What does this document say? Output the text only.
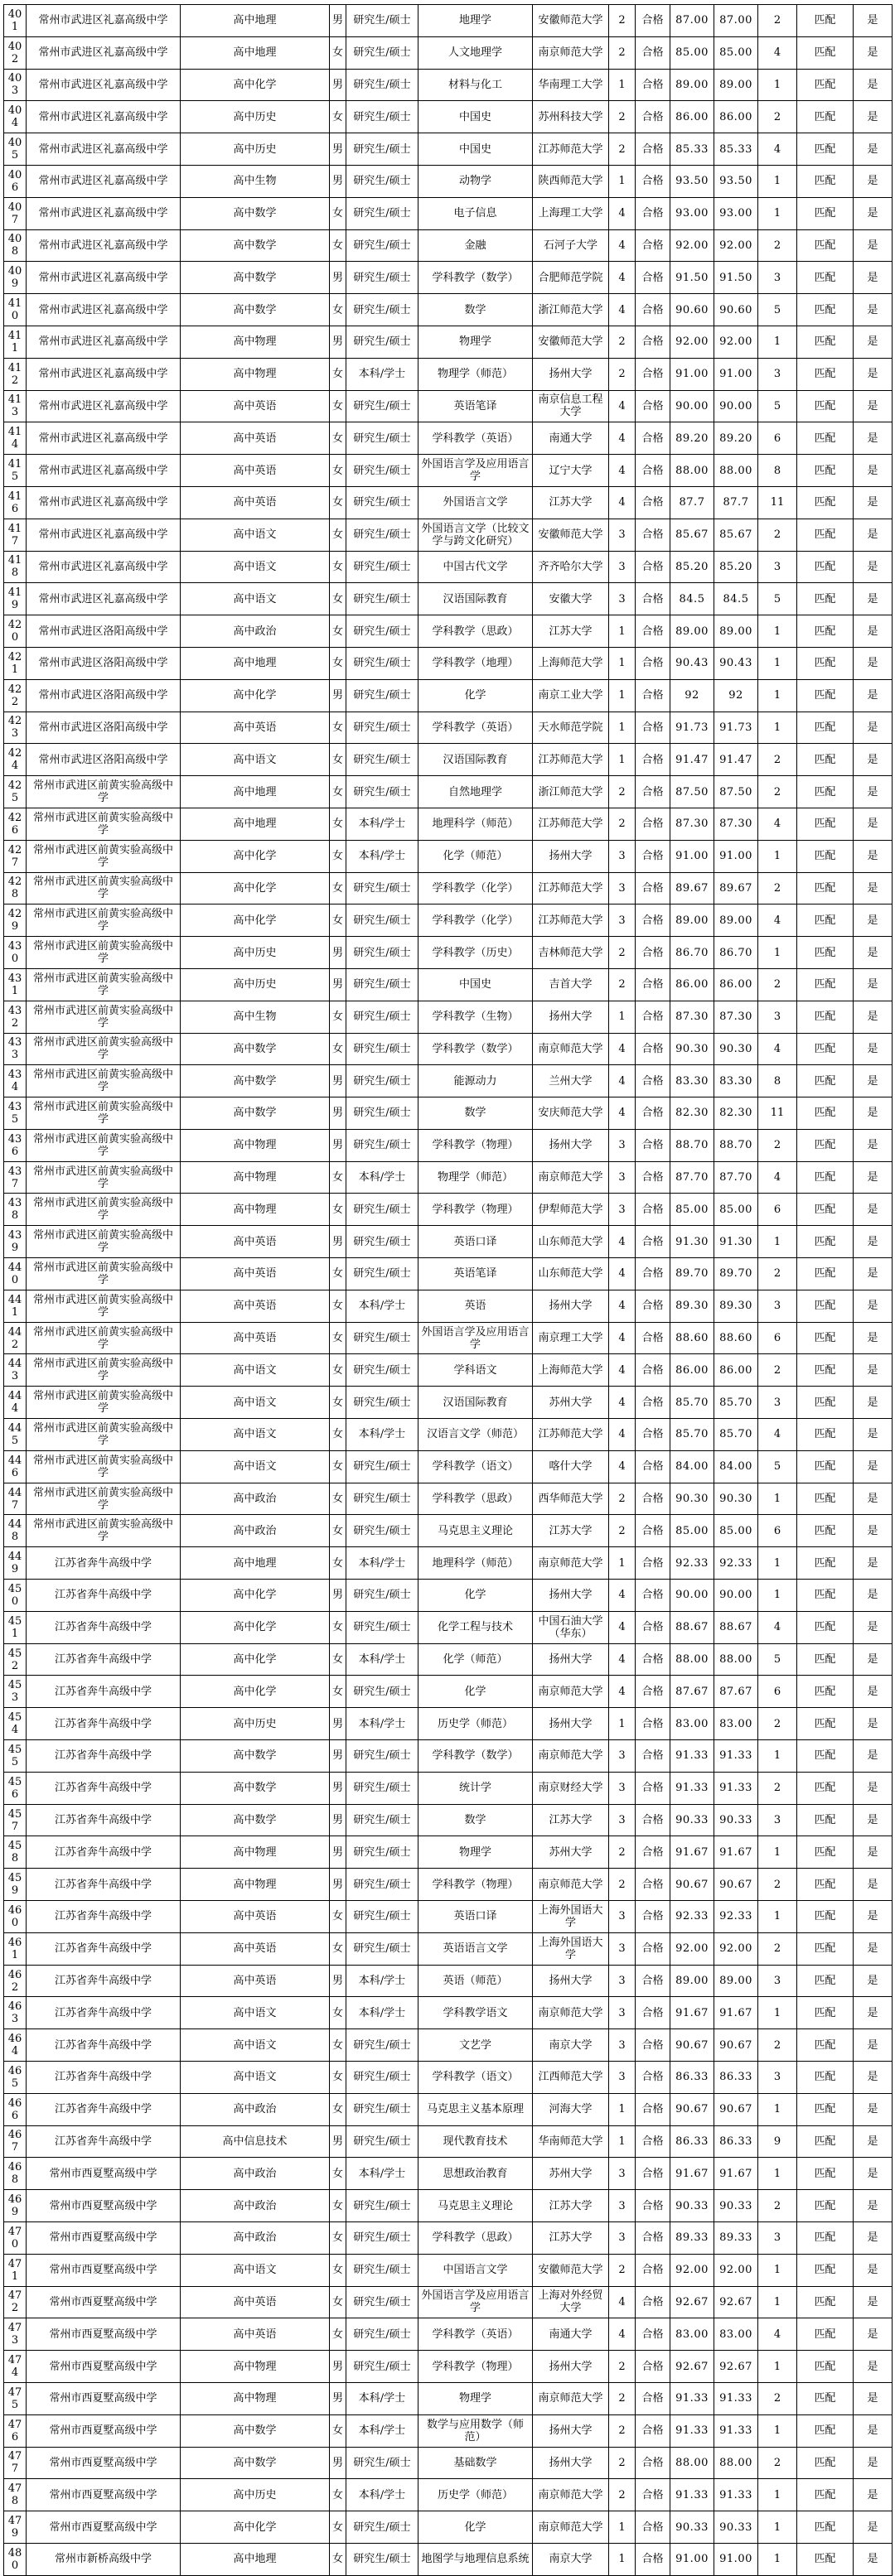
401	常州市武进区礼嘉高级中学	高中地理	男	研究生/硕士	地理学	安徽师范大学	2	合格	87.00	87.00	2	匹配	是
402	常州市武进区礼嘉高级中学	高中地理	女	研究生/硕士	人文地理学	南京师范大学	2	合格	85.00	85.00	4	匹配	是
403	常州市武进区礼嘉高级中学	高中化学	男	研究生/硕士	材料与化工	华南理工大学	1	合格	89.00	89.00	1	匹配	是
404	常州市武进区礼嘉高级中学	高中历史	女	研究生/硕士	中国史	苏州科技大学	2	合格	86.00	86.00	2	匹配	是
405	常州市武进区礼嘉高级中学	高中历史	男	研究生/硕士	中国史	江苏师范大学	2	合格	85.33	85.33	4	匹配	是
406	常州市武进区礼嘉高级中学	高中生物	男	研究生/硕士	动物学	陕西师范大学	1	合格	93.50	93.50	1	匹配	是
407	常州市武进区礼嘉高级中学	高中数学	女	研究生/硕士	电子信息	上海理工大学	4	合格	93.00	93.00	1	匹配	是
408	常州市武进区礼嘉高级中学	高中数学	女	研究生/硕士	金融	石河子大学	4	合格	92.00	92.00	2	匹配	是
409	常州市武进区礼嘉高级中学	高中数学	男	研究生/硕士	学科教学（数学）	合肥师范学院	4	合格	91.50	91.50	3	匹配	是
410	常州市武进区礼嘉高级中学	高中数学	女	研究生/硕士	数学	浙江师范大学	4	合格	90.60	90.60	5	匹配	是
411	常州市武进区礼嘉高级中学	高中物理	男	研究生/硕士	物理学	安徽师范大学	2	合格	92.00	92.00	1	匹配	是
412	常州市武进区礼嘉高级中学	高中物理	女	本科/学士	物理学（师范）	扬州大学	2	合格	91.00	91.00	3	匹配	是
413	常州市武进区礼嘉高级中学	高中英语	女	研究生/硕士	英语笔译	南京信息工程大学	4	合格	90.00	90.00	5	匹配	是
414	常州市武进区礼嘉高级中学	高中英语	女	研究生/硕士	学科教学（英语）	南通大学	4	合格	89.20	89.20	6	匹配	是
415	常州市武进区礼嘉高级中学	高中英语	女	研究生/硕士	外国语言学及应用语言学	辽宁大学	4	合格	88.00	88.00	8	匹配	是
416	常州市武进区礼嘉高级中学	高中英语	女	研究生/硕士	外国语言文学	江苏大学	4	合格	87.7	87.7	11	匹配	是
417	常州市武进区礼嘉高级中学	高中语文	女	研究生/硕士	外国语言文学（比较文学与跨文化研究）	安徽师范大学	3	合格	85.67	85.67	2	匹配	是
418	常州市武进区礼嘉高级中学	高中语文	女	研究生/硕士	中国古代文学	齐齐哈尔大学	3	合格	85.20	85.20	3	匹配	是
419	常州市武进区礼嘉高级中学	高中语文	女	研究生/硕士	汉语国际教育	安徽大学	3	合格	84.5	84.5	5	匹配	是
420	常州市武进区洛阳高级中学	高中政治	女	研究生/硕士	学科教学（思政）	江苏大学	1	合格	89.00	89.00	1	匹配	是
421	常州市武进区洛阳高级中学	高中地理	女	研究生/硕士	学科教学（地理）	上海师范大学	1	合格	90.43	90.43	1	匹配	是
422	常州市武进区洛阳高级中学	高中化学	男	研究生/硕士	化学	南京工业大学	1	合格	92	92	1	匹配	是
423	常州市武进区洛阳高级中学	高中英语	女	研究生/硕士	学科教学（英语）	天水师范学院	1	合格	91.73	91.73	1	匹配	是
424	常州市武进区洛阳高级中学	高中语文	女	研究生/硕士	汉语国际教育	江苏师范大学	1	合格	91.47	91.47	2	匹配	是
425	常州市武进区前黄实验高级中学	高中地理	女	研究生/硕士	自然地理学	浙江师范大学	2	合格	87.50	87.50	2	匹配	是
426	常州市武进区前黄实验高级中学	高中地理	女	本科/学士	地理科学（师范）	江苏师范大学	2	合格	87.30	87.30	4	匹配	是
427	常州市武进区前黄实验高级中学	高中化学	女	本科/学士	化学（师范）	扬州大学	3	合格	91.00	91.00	1	匹配	是
428	常州市武进区前黄实验高级中学	高中化学	女	研究生/硕士	学科教学（化学）	江苏师范大学	3	合格	89.67	89.67	2	匹配	是
429	常州市武进区前黄实验高级中学	高中化学	女	研究生/硕士	学科教学（化学）	江苏师范大学	3	合格	89.00	89.00	4	匹配	是
430	常州市武进区前黄实验高级中学	高中历史	男	研究生/硕士	学科教学（历史）	吉林师范大学	2	合格	86.70	86.70	1	匹配	是
431	常州市武进区前黄实验高级中学	高中历史	男	研究生/硕士	中国史	吉首大学	2	合格	86.00	86.00	2	匹配	是
432	常州市武进区前黄实验高级中学	高中生物	女	研究生/硕士	学科教学（生物）	扬州大学	1	合格	87.30	87.30	3	匹配	是
433	常州市武进区前黄实验高级中学	高中数学	女	研究生/硕士	学科教学（数学）	南京师范大学	4	合格	90.30	90.30	4	匹配	是
434	常州市武进区前黄实验高级中学	高中数学	男	研究生/硕士	能源动力	兰州大学	4	合格	83.30	83.30	8	匹配	是
435	常州市武进区前黄实验高级中学	高中数学	男	研究生/硕士	数学	安庆师范大学	4	合格	82.30	82.30	11	匹配	是
436	常州市武进区前黄实验高级中学	高中物理	男	研究生/硕士	学科教学（物理）	扬州大学	3	合格	88.70	88.70	2	匹配	是
437	常州市武进区前黄实验高级中学	高中物理	女	本科/学士	物理学（师范）	南京师范大学	3	合格	87.70	87.70	4	匹配	是
438	常州市武进区前黄实验高级中学	高中物理	女	研究生/硕士	学科教学（物理）	伊犁师范大学	3	合格	85.00	85.00	6	匹配	是
439	常州市武进区前黄实验高级中学	高中英语	男	研究生/硕士	英语口译	山东师范大学	4	合格	91.30	91.30	1	匹配	是
440	常州市武进区前黄实验高级中学	高中英语	女	研究生/硕士	英语笔译	山东师范大学	4	合格	89.70	89.70	2	匹配	是
441	常州市武进区前黄实验高级中学	高中英语	女	本科/学士	英语	扬州大学	4	合格	89.30	89.30	3	匹配	是
442	常州市武进区前黄实验高级中学	高中英语	女	研究生/硕士	外国语言学及应用语言学	南京理工大学	4	合格	88.60	88.60	6	匹配	是
443	常州市武进区前黄实验高级中学	高中语文	女	研究生/硕士	学科语文	上海师范大学	4	合格	86.00	86.00	2	匹配	是
444	常州市武进区前黄实验高级中学	高中语文	女	研究生/硕士	汉语国际教育	苏州大学	4	合格	85.70	85.70	3	匹配	是
445	常州市武进区前黄实验高级中学	高中语文	女	本科/学士	汉语言文学（师范）	江苏师范大学	4	合格	85.70	85.70	4	匹配	是
446	常州市武进区前黄实验高级中学	高中语文	女	研究生/硕士	学科教学（语文）	喀什大学	4	合格	84.00	84.00	5	匹配	是
447	常州市武进区前黄实验高级中学	高中政治	女	研究生/硕士	学科教学（思政）	西华师范大学	2	合格	90.30	90.30	1	匹配	是
448	常州市武进区前黄实验高级中学	高中政治	女	研究生/硕士	马克思主义理论	江苏大学	2	合格	85.00	85.00	6	匹配	是
449	江苏省奔牛高级中学	高中地理	女	本科/学士	地理科学（师范）	南京师范大学	1	合格	92.33	92.33	1	匹配	是
450	江苏省奔牛高级中学	高中化学	男	研究生/硕士	化学	扬州大学	4	合格	90.00	90.00	1	匹配	是
451	江苏省奔牛高级中学	高中化学	女	研究生/硕士	化学工程与技术	中国石油大学（华东）	4	合格	88.67	88.67	4	匹配	是
452	江苏省奔牛高级中学	高中化学	女	本科/学士	化学（师范）	扬州大学	4	合格	88.00	88.00	5	匹配	是
453	江苏省奔牛高级中学	高中化学	女	研究生/硕士	化学	南京师范大学	4	合格	87.67	87.67	6	匹配	是
454	江苏省奔牛高级中学	高中历史	男	本科/学士	历史学（师范）	扬州大学	1	合格	83.00	83.00	2	匹配	是
455	江苏省奔牛高级中学	高中数学	男	研究生/硕士	学科教学（数学）	南京师范大学	3	合格	91.33	91.33	1	匹配	是
456	江苏省奔牛高级中学	高中数学	男	研究生/硕士	统计学	南京财经大学	3	合格	91.33	91.33	2	匹配	是
457	江苏省奔牛高级中学	高中数学	男	研究生/硕士	数学	江苏大学	3	合格	90.33	90.33	3	匹配	是
458	江苏省奔牛高级中学	高中物理	男	研究生/硕士	物理学	苏州大学	2	合格	91.67	91.67	1	匹配	是
459	江苏省奔牛高级中学	高中物理	男	研究生/硕士	学科教学（物理）	南京师范大学	2	合格	90.67	90.67	2	匹配	是
460	江苏省奔牛高级中学	高中英语	女	研究生/硕士	英语口译	上海外国语大学	3	合格	92.33	92.33	1	匹配	是
461	江苏省奔牛高级中学	高中英语	女	研究生/硕士	英语语言文学	上海外国语大学	3	合格	92.00	92.00	2	匹配	是
462	江苏省奔牛高级中学	高中英语	男	本科/学士	英语（师范）	扬州大学	3	合格	89.00	89.00	3	匹配	是
463	江苏省奔牛高级中学	高中语文	女	本科/学士	学科教学语文	南京师范大学	3	合格	91.67	91.67	1	匹配	是
464	江苏省奔牛高级中学	高中语文	女	研究生/硕士	文艺学	南京大学	3	合格	90.67	90.67	2	匹配	是
465	江苏省奔牛高级中学	高中语文	女	研究生/硕士	学科教学（语文）	江西师范大学	3	合格	86.33	86.33	3	匹配	是
466	江苏省奔牛高级中学	高中政治	女	研究生/硕士	马克思主义基本原理	河海大学	1	合格	90.67	90.67	1	匹配	是
467	江苏省奔牛高级中学	高中信息技术	男	研究生/硕士	现代教育技术	华南师范大学	1	合格	86.33	86.33	9	匹配	是
468	常州市西夏墅高级中学	高中政治	女	本科/学士	思想政治教育	苏州大学	3	合格	91.67	91.67	1	匹配	是
469	常州市西夏墅高级中学	高中政治	女	研究生/硕士	马克思主义理论	江苏大学	3	合格	90.33	90.33	2	匹配	是
470	常州市西夏墅高级中学	高中政治	女	研究生/硕士	学科教学（思政）	江苏大学	3	合格	89.33	89.33	3	匹配	是
471	常州市西夏墅高级中学	高中语文	女	研究生/硕士	中国语言文学	安徽师范大学	2	合格	92.00	92.00	1	匹配	是
472	常州市西夏墅高级中学	高中英语	女	研究生/硕士	外国语言学及应用语言学	上海对外经贸大学	4	合格	92.67	92.67	1	匹配	是
473	常州市西夏墅高级中学	高中英语	女	研究生/硕士	学科教学（英语）	南通大学	4	合格	83.00	83.00	4	匹配	是
474	常州市西夏墅高级中学	高中物理	男	研究生/硕士	学科教学（物理）	扬州大学	2	合格	92.67	92.67	1	匹配	是
475	常州市西夏墅高级中学	高中物理	男	本科/学士	物理学	南京师范大学	2	合格	91.33	91.33	2	匹配	是
476	常州市西夏墅高级中学	高中数学	女	本科/学士	数学与应用数学（师范）	扬州大学	2	合格	91.33	91.33	1	匹配	是
477	常州市西夏墅高级中学	高中数学	男	研究生/硕士	基础数学	扬州大学	2	合格	88.00	88.00	2	匹配	是
478	常州市西夏墅高级中学	高中历史	女	本科/学士	历史学（师范）	南京师范大学	2	合格	91.33	91.33	1	匹配	是
479	常州市西夏墅高级中学	高中化学	女	研究生/硕士	化学	南京师范大学	1	合格	90.33	90.33	1	匹配	是
480	常州市新桥高级中学	高中地理	女	研究生/硕士	地图学与地理信息系统	南京大学	1	合格	91.00	91.00	1	匹配	是
